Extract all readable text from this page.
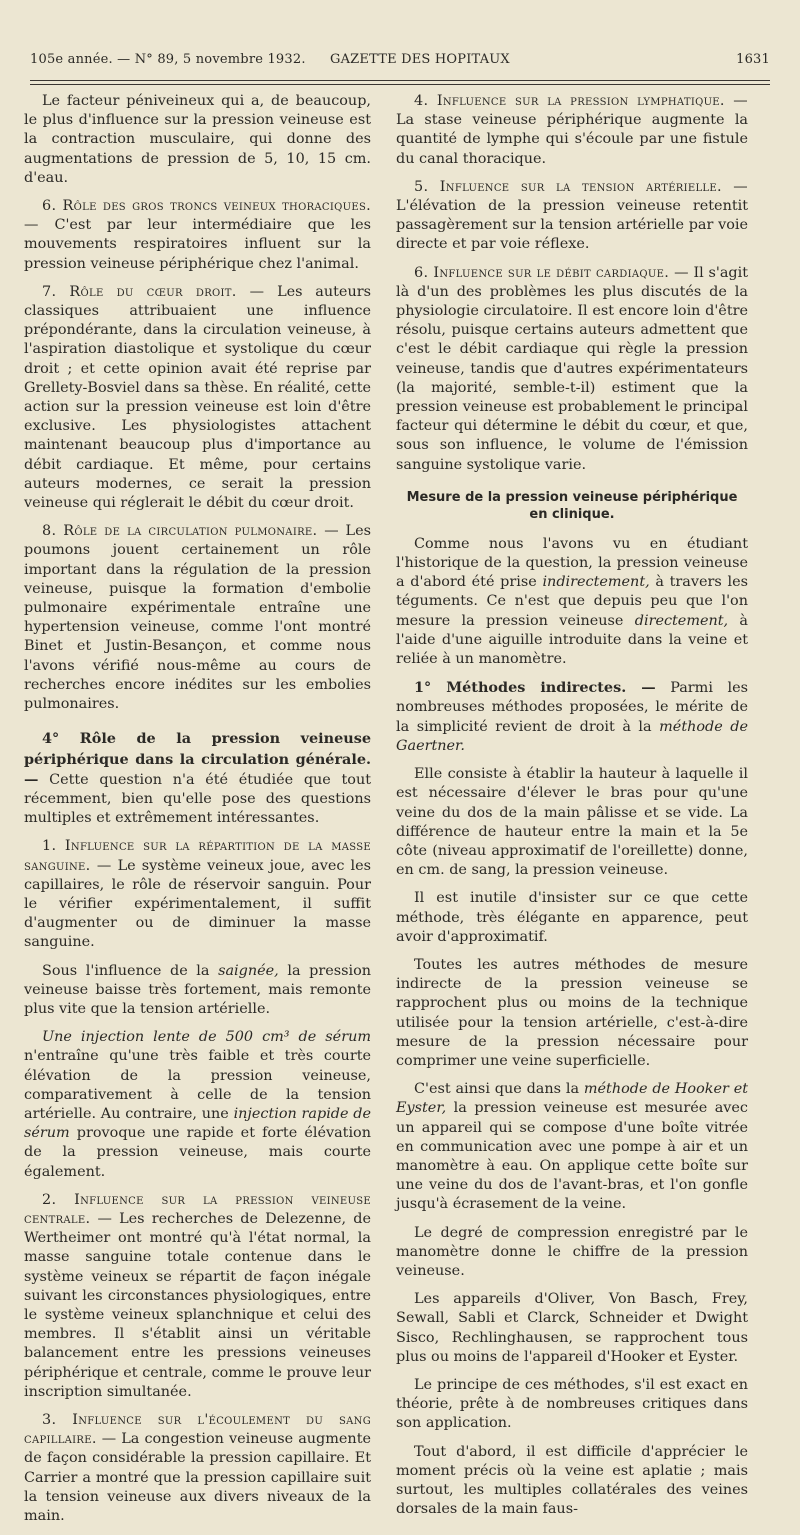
105e année. — N° 89, 5 novembre 1932. GAZETTE DES HOPITAUX	1631

Le facteur péniveineux qui a, de beaucoup, le plus d'influence sur la pression veineuse est la contraction musculaire, qui donne des augmentations de pression de 5, 10, 15 cm. d'eau.

6. Rôle des gros troncs veineux thoraciques. — C'est par leur intermédiaire que les mouvements respiratoires influent sur la pression veineuse périphérique chez l'animal.

7. Rôle du cœur droit. — Les auteurs classiques attribuaient une influence prépondérante, dans la circulation veineuse, à l'aspiration diastolique et systolique du cœur droit ; et cette opinion avait été reprise par Grellety-Bosviel dans sa thèse. En réalité, cette action sur la pression veineuse est loin d'être exclusive. Les physiologistes attachent maintenant beaucoup plus d'importance au débit cardiaque. Et même, pour certains auteurs modernes, ce serait la pression veineuse qui réglerait le débit du cœur droit.

8. Rôle de la circulation pulmonaire. — Les poumons jouent certainement un rôle important dans la régulation de la pression veineuse, puisque la formation d'embolie pulmonaire expérimentale entraîne une hypertension veineuse, comme l'ont montré Binet et Justin-Besançon, et comme nous l'avons vérifié nous-même au cours de recherches encore inédites sur les embolies pulmonaires.

4° Rôle de la pression veineuse périphérique dans la circulation générale. — Cette question n'a été étudiée que tout récemment, bien qu'elle pose des questions multiples et extrêmement intéressantes.

1. Influence sur la répartition de la masse sanguine. — Le système veineux joue, avec les capillaires, le rôle de réservoir sanguin. Pour le vérifier expérimentalement, il suffit d'augmenter ou de diminuer la masse sanguine.

Sous l'influence de la saignée, la pression veineuse baisse très fortement, mais remonte plus vite que la tension artérielle.

Une injection lente de 500 cm³ de sérum n'entraîne qu'une très faible et très courte élévation de la pression veineuse, comparativement à celle de la tension artérielle. Au contraire, une injection rapide de sérum provoque une rapide et forte élévation de la pression veineuse, mais courte également.

2. Influence sur la pression veineuse centrale. — Les recherches de Delezenne, de Wertheimer ont montré qu'à l'état normal, la masse sanguine totale contenue dans le système veineux se répartit de façon inégale suivant les circonstances physiologiques, entre le système veineux splanchnique et celui des membres. Il s'établit ainsi un véritable balancement entre les pressions veineuses périphérique et centrale, comme le prouve leur inscription simultanée.

3. Influence sur l'écoulement du sang capillaire. — La congestion veineuse augmente de façon considérable la pression capillaire. Et Carrier a montré que la pression capillaire suit la tension veineuse aux divers niveaux de la main.

4. Influence sur la pression lymphatique. — La stase veineuse périphérique augmente la quantité de lymphe qui s'écoule par une fistule du canal thoracique.

5. Influence sur la tension artérielle. — L'élévation de la pression veineuse retentit passagèrement sur la tension artérielle par voie directe et par voie réflexe.

6. Influence sur le débit cardiaque. — Il s'agit là d'un des problèmes les plus discutés de la physiologie circulatoire. Il est encore loin d'être résolu, puisque certains auteurs admettent que c'est le débit cardiaque qui règle la pression veineuse, tandis que d'autres expérimentateurs (la majorité, semble-t-il) estiment que la pression veineuse est probablement le principal facteur qui détermine le débit du cœur, et que, sous son influence, le volume de l'émission sanguine systolique varie.

Mesure de la pression veineuse périphérique en clinique.

Comme nous l'avons vu en étudiant l'historique de la question, la pression veineuse a d'abord été prise indirectement, à travers les téguments. Ce n'est que depuis peu que l'on mesure la pression veineuse directement, à l'aide d'une aiguille introduite dans la veine et reliée à un manomètre.

1° Méthodes indirectes. — Parmi les nombreuses méthodes proposées, le mérite de la simplicité revient de droit à la méthode de Gaertner.

Elle consiste à établir la hauteur à laquelle il est nécessaire d'élever le bras pour qu'une veine du dos de la main pâlisse et se vide. La différence de hauteur entre la main et la 5e côte (niveau approximatif de l'oreillette) donne, en cm. de sang, la pression veineuse.

Il est inutile d'insister sur ce que cette méthode, très élégante en apparence, peut avoir d'approximatif.

Toutes les autres méthodes de mesure indirecte de la pression veineuse se rapprochent plus ou moins de la technique utilisée pour la tension artérielle, c'est-à-dire mesure de la pression nécessaire pour comprimer une veine superficielle.

C'est ainsi que dans la méthode de Hooker et Eyster, la pression veineuse est mesurée avec un appareil qui se compose d'une boîte vitrée en communication avec une pompe à air et un manomètre à eau. On applique cette boîte sur une veine du dos de l'avant-bras, et l'on gonfle jusqu'à écrasement de la veine.

Le degré de compression enregistré par le manomètre donne le chiffre de la pression veineuse.

Les appareils d'Oliver, Von Basch, Frey, Sewall, Sabli et Clarck, Schneider et Dwight Sisco, Rechlinghausen, se rapprochent tous plus ou moins de l'appareil d'Hooker et Eyster.

Le principe de ces méthodes, s'il est exact en théorie, prête à de nombreuses critiques dans son application.

Tout d'abord, il est difficile d'apprécier le moment précis où la veine est aplatie ; mais surtout, les multiples collatérales des veines dorsales de la main faus-
